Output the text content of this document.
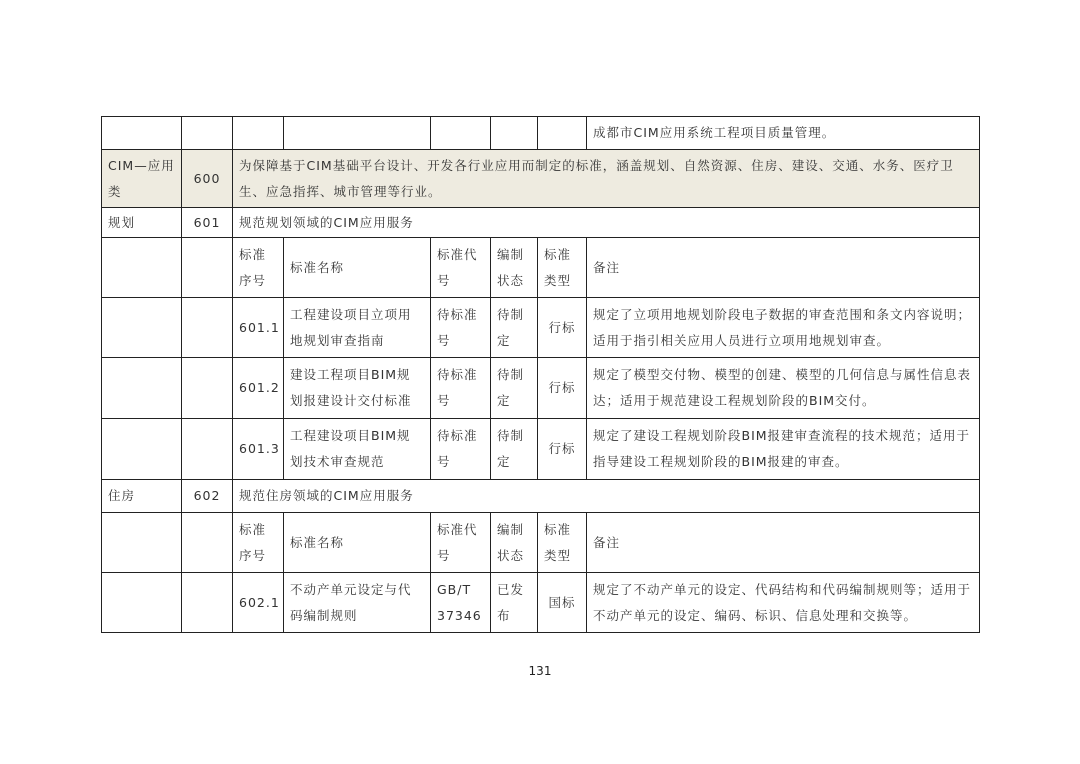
							成都市CIM应用系统工程项目质量管理。
CIM—应用类	600	为保障基于CIM基础平台设计、开发各行业应用而制定的标准，涵盖规划、自然资源、住房、建设、交通、水务、医疗卫生、应急指挥、城市管理等行业。					
规划	601	规范规划领域的CIM应用服务					
		标准序号	标准名称	标准代号	编制状态	标准类型	备注
		601.1	工程建设项目立项用地规划审查指南	待标准号	待制定	行标	规定了立项用地规划阶段电子数据的审查范围和条文内容说明；适用于指引相关应用人员进行立项用地规划审查。
		601.2	建设工程项目BIM规划报建设计交付标准	待标准号	待制定	行标	规定了模型交付物、模型的创建、模型的几何信息与属性信息表达；适用于规范建设工程规划阶段的BIM交付。
		601.3	工程建设项目BIM规划技术审查规范	待标准号	待制定	行标	规定了建设工程规划阶段BIM报建审查流程的技术规范；适用于指导建设工程规划阶段的BIM报建的审查。
住房	602	规范住房领域的CIM应用服务					
		标准序号	标准名称	标准代号	编制状态	标准类型	备注
		602.1	不动产单元设定与代码编制规则	GB/T 37346	已发布	国标	规定了不动产单元的设定、代码结构和代码编制规则等；适用于不动产单元的设定、编码、标识、信息处理和交换等。
131
